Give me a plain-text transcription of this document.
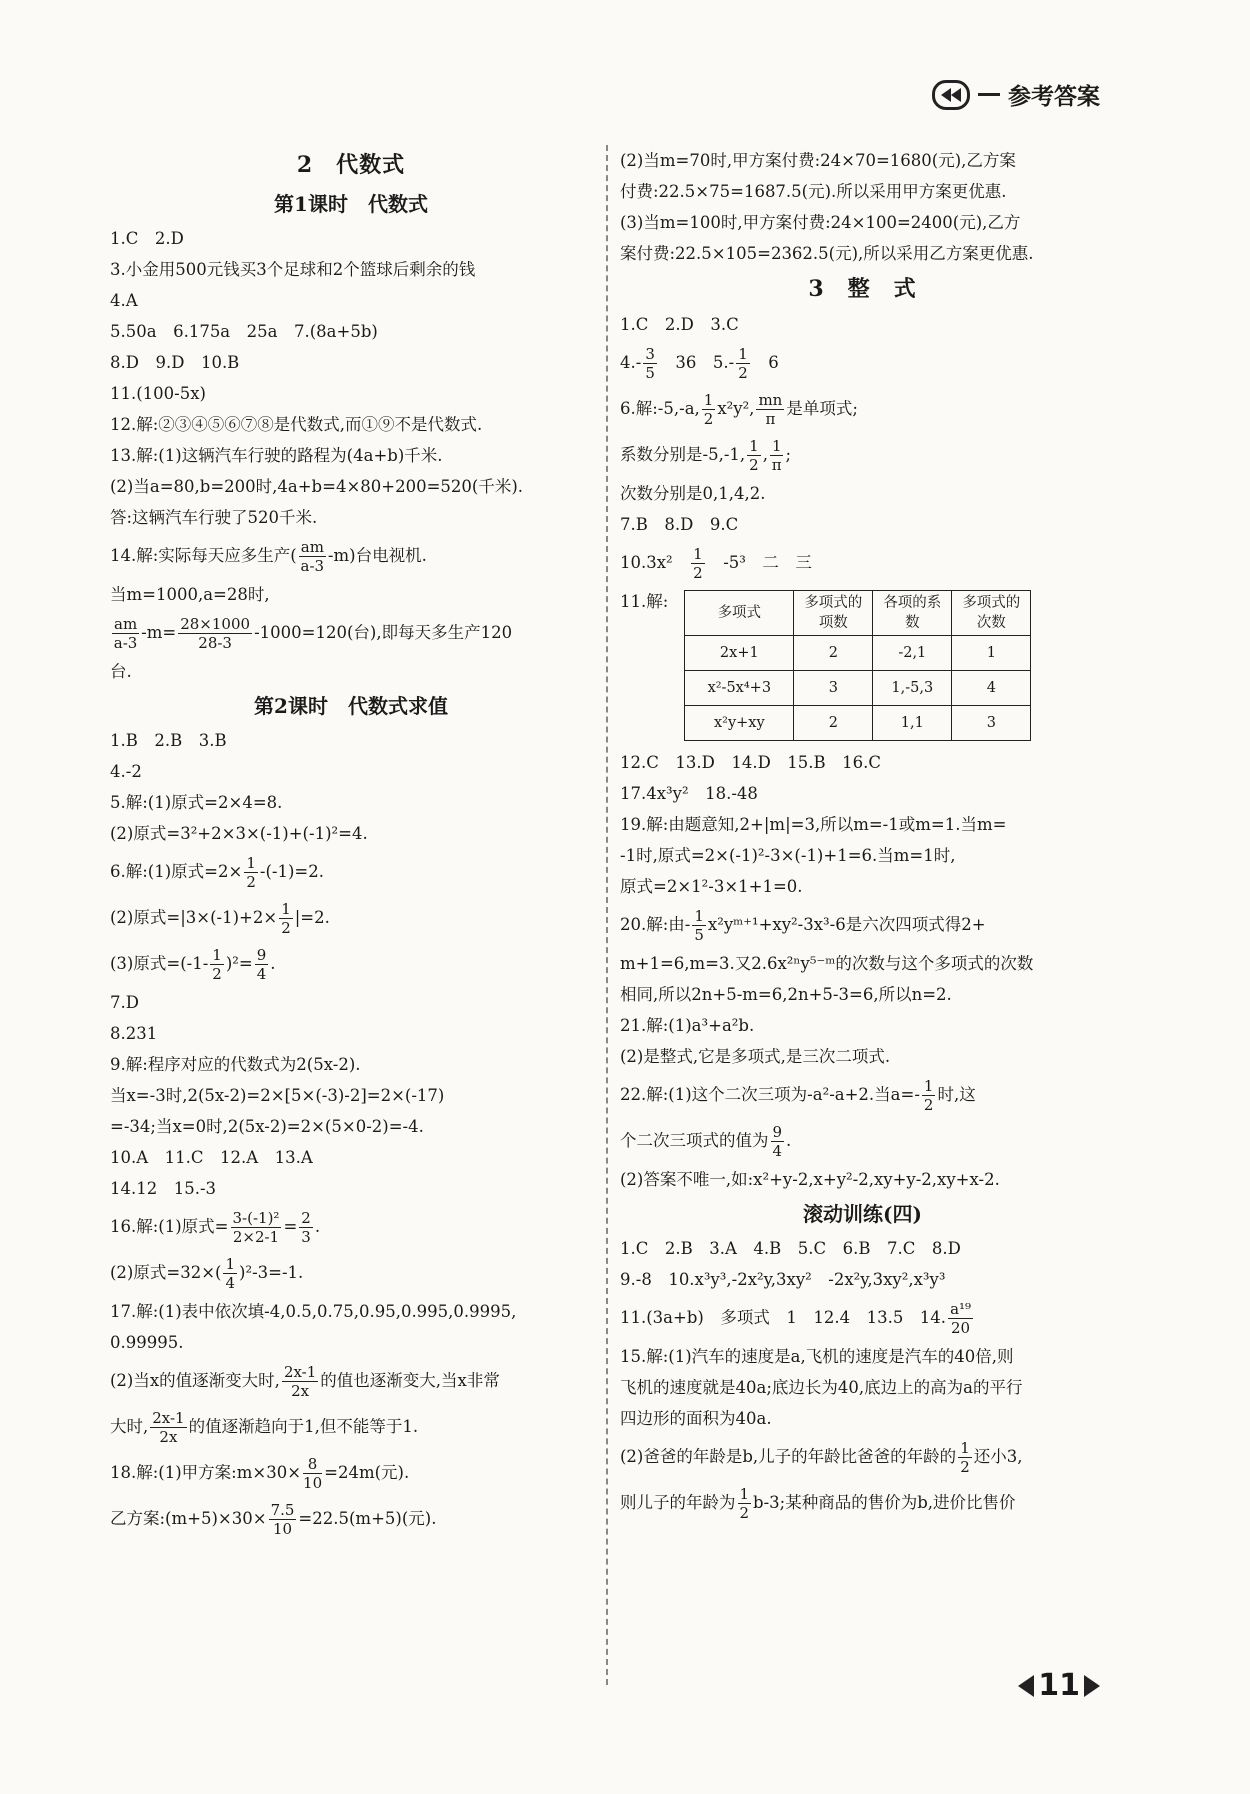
参考答案
2　代数式
第1课时　代数式
1.C　2.D
3.小金用500元钱买3个足球和2个篮球后剩余的钱
4.A
5.50a　6.175a　25a　7.(8a+5b)
8.D　9.D　10.B
11.(100-5x)
12.解:②③④⑤⑥⑦⑧是代数式,而①⑨不是代数式.
13.解:(1)这辆汽车行驶的路程为(4a+b)千米.
(2)当a=80,b=200时,4a+b=4×80+200=520(千米).
答:这辆汽车行驶了520千米.
14.解:实际每天应多生产( $\frac{am}{a-3} -m$)台电视机.
当m=1000,a=28时,
$\frac{am}{a-3} -m= \frac{28\times 1000}{28-3} -1000=120$(台),即每天多生产120
台.
第2课时　代数式求值
1.B　2.B　3.B
4.-2
5.解:(1)原式=2×4=8.
(2)原式=3²+2×3×(-1)+(-1)²=4.
6.解:(1)原式$=2\times \frac{1}{2} -(-1)=2$.
(2)原式$=|3\times(-1)+2\times \frac{1}{2} |=2$.
(3)原式$=(-1- \frac{1}{2} )^2= \frac{9}{4}$ .
7.D
8.231
9.解:程序对应的代数式为2(5x-2).
当x=-3时,2(5x-2)=2×[5×(-3)-2]=2×(-17)
=-34;当x=0时,2(5x-2)=2×(5×0-2)=-4.
10.A　11.C　12.A　13.A
14.12　15.-3
16.解:(1)原式= $\frac{\text{3-(-1)²}}{2\times 2-1} = \frac{2}{3}$ .
(2)原式$=32\times( \frac{1}{4} )^2-3=-1$.
17.解:(1)表中依次填-4,0.5,0.75,0.95,0.995,0.9995,
0.99995.
(2)当x的值逐渐变大时, $\frac{2x-1}{2x}$ 的值也逐渐变大,当x非常
大时, $\frac{2x-1}{2x}$ 的值逐渐趋向于1,但不能等于1.
18.解:(1)甲方案:m×30× $\frac{8}{10} =24m$(元).
乙方案:(m+5)×30× $\frac{7.5}{10} =22.5(m+5)$(元).
(2)当m=70时,甲方案付费:24×70=1680(元),乙方案
付费:22.5×75=1687.5(元).所以采用甲方案更优惠.
(3)当m=100时,甲方案付费:24×100=2400(元),乙方
案付费:22.5×105=2362.5(元),所以采用乙方案更优惠.
3　整　式
1.C　2.D　3.C
$4.- \frac{3}{5}$ 　36　$5.- \frac{1}{2}$ 　6
6.解:-5,-a, $\frac{1}{2} x^2y^2$, $\frac{mn}{\pi}$ 是单项式;
系数分别是-5,-1, $\frac{1}{2}$ , $\frac{1}{\pi}$ ;
次数分别是0,1,4,2.
7.B　8.D　9.C
10.3x²　 $\frac{1}{2}$ 　-5³　二　三
11.解:
多项式	多项式的项数	各项的系数	多项式的次数
2x+1	2	-2,1	1
x²-5x⁴+3	3	1,-5,3	4
x²y+xy	2	1,1	3
12.C　13.D　14.D　15.B　16.C
17.4x³y²　18.-48
19.解:由题意知,2+|m|=3,所以m=-1或m=1.当m=
-1时,原式=2×(-1)²-3×(-1)+1=6.当m=1时,
原式=2×1²-3×1+1=0.
20.解:由- $\frac{1}{5}$ x²yᵐ⁺¹+xy²-3x³-6是六次四项式得2+
m+1=6,m=3.又2.6x²ⁿy⁵⁻ᵐ的次数与这个多项式的次数
相同,所以2n+5-m=6,2n+5-3=6,所以n=2.
21.解:(1)a³+a²b.
(2)是整式,它是多项式,是三次二项式.
22.解:(1)这个二次三项为-a²-a+2.当$a=- \frac{1}{2}$ 时,这
个二次三项式的值为 $\frac{9}{4}$ .
(2)答案不唯一,如:x²+y-2,x+y²-2,xy+y-2,xy+x-2.
滚动训练(四)
1.C　2.B　3.A　4.B　5.C　6.B　7.C　8.D
9.-8　10.x³y³,-2x²y,3xy²　-2x²y,3xy²,x³y³
11.(3a+b)　多项式　1　12.4　13.5　14. $\frac{\text{a¹⁹}}{20}$
15.解:(1)汽车的速度是a,飞机的速度是汽车的40倍,则
飞机的速度就是40a;底边长为40,底边上的高为a的平行
四边形的面积为40a.
(2)爸爸的年龄是b,儿子的年龄比爸爸的年龄的 $\frac{1}{2}$ 还小3,
则儿子的年龄为 $\frac{1}{2} b-3$;某种商品的售价为b,进价比售价
11
